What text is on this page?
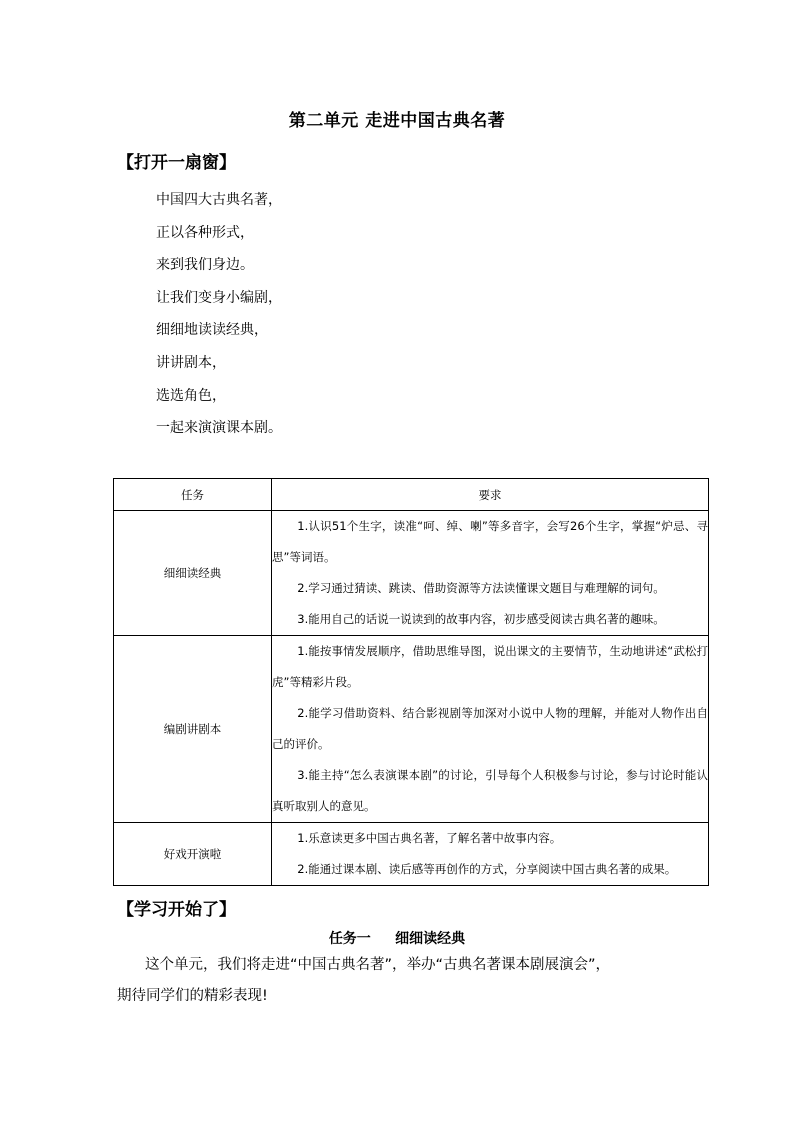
第二单元 走进中国古典名著
【打开一扇窗】
中国四大古典名著，
正以各种形式，
来到我们身边。
让我们变身小编剧，
细细地读读经典，
讲讲剧本，
选选角色，
一起来演演课本剧。
任务	要求
细细读经典	1.认识51个生字，读准“呵、绰、喇”等多音字，会写26个生字，掌握“炉忌、寻思”等词语。
2.学习通过猜读、跳读、借助资源等方法读懂课文题目与难理解的词句。
3.能用自己的话说一说读到的故事内容，初步感受阅读古典名著的趣味。

编剧讲剧本	1.能按事情发展顺序，借助思维导图，说出课文的主要情节，生动地讲述“武松打虎”等精彩片段。
2.能学习借助资料、结合影视剧等加深对小说中人物的理解，并能对人物作出自己的评价。
3.能主持“怎么表演课本剧”的讨论，引导每个人积极参与讨论，参与讨论时能认真听取别人的意见。

好戏开演啦	1.乐意读更多中国古典名著，了解名著中故事内容。
2.能通过课本剧、读后感等再创作的方式，分享阅读中国古典名著的成果。
【学习开始了】
任务一     细细读经典
这个单元，我们将走进“中国古典名著”，举办“古典名著课本剧展演会”，
期待同学们的精彩表现!
